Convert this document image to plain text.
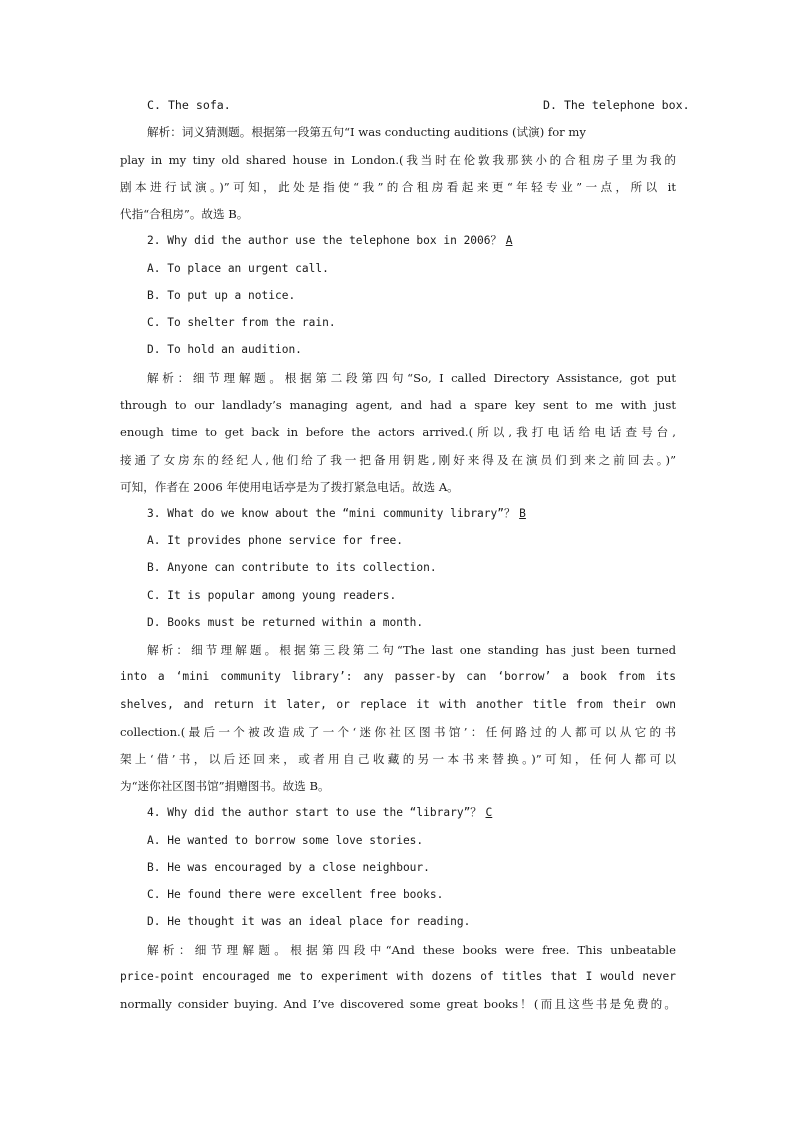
C. The sofa.	D. The telephone box.
解析：词义猜测题。根据第一段第五句“I was conducting auditions (试演) for my
play in my tiny old shared house in London.(我当时在伦敦我那狭小的合租房子里为我的
剧本进行试演。)”可知，此处是指使“我”的合租房看起来更“年轻专业”一点，所以 it
代指“合租房”。故选 B。
2. Why did the author use the telephone box in 2006？ A
A. To place an urgent call.
B. To put up a notice.
C. To shelter from the rain.
D. To hold an audition.
解析：细节理解题。根据第二段第四句“So, I called Directory Assistance, got put
through to our landlady’s managing agent, and had a spare key sent to me with just
enough time to get back in before the actors arrived.(所以,我打电话给电话查号台,
接通了女房东的经纪人,他们给了我一把备用钥匙,刚好来得及在演员们到来之前回去。)”
可知，作者在 2006 年使用电话亭是为了拨打紧急电话。故选 A。
3. What do we know about the “mini community library”？ B
A. It provides phone service for free.
B. Anyone can contribute to its collection.
C. It is popular among young readers.
D. Books must be returned within a month.
解析：细节理解题。根据第三段第二句“The last one standing has just been turned
into a ‘mini community library’: any passer-by can ‘borrow’ a book from its
shelves, and return it later, or replace it with another title from their own
collection.(最后一个被改造成了一个‘迷你社区图书馆’：任何路过的人都可以从它的书
架上‘借’书，以后还回来，或者用自己收藏的另一本书来替换。)”可知，任何人都可以
为“迷你社区图书馆”捐赠图书。故选 B。
4. Why did the author start to use the “library”？ C
A. He wanted to borrow some love stories.
B. He was encouraged by a close neighbour.
C. He found there were excellent free books.
D. He thought it was an ideal place for reading.
解析：细节理解题。根据第四段中“And these books were free. This unbeatable
price-point encouraged me to experiment with dozens of titles that I would never
normally consider buying. And I’ve discovered some great books！(而且这些书是免费的。
